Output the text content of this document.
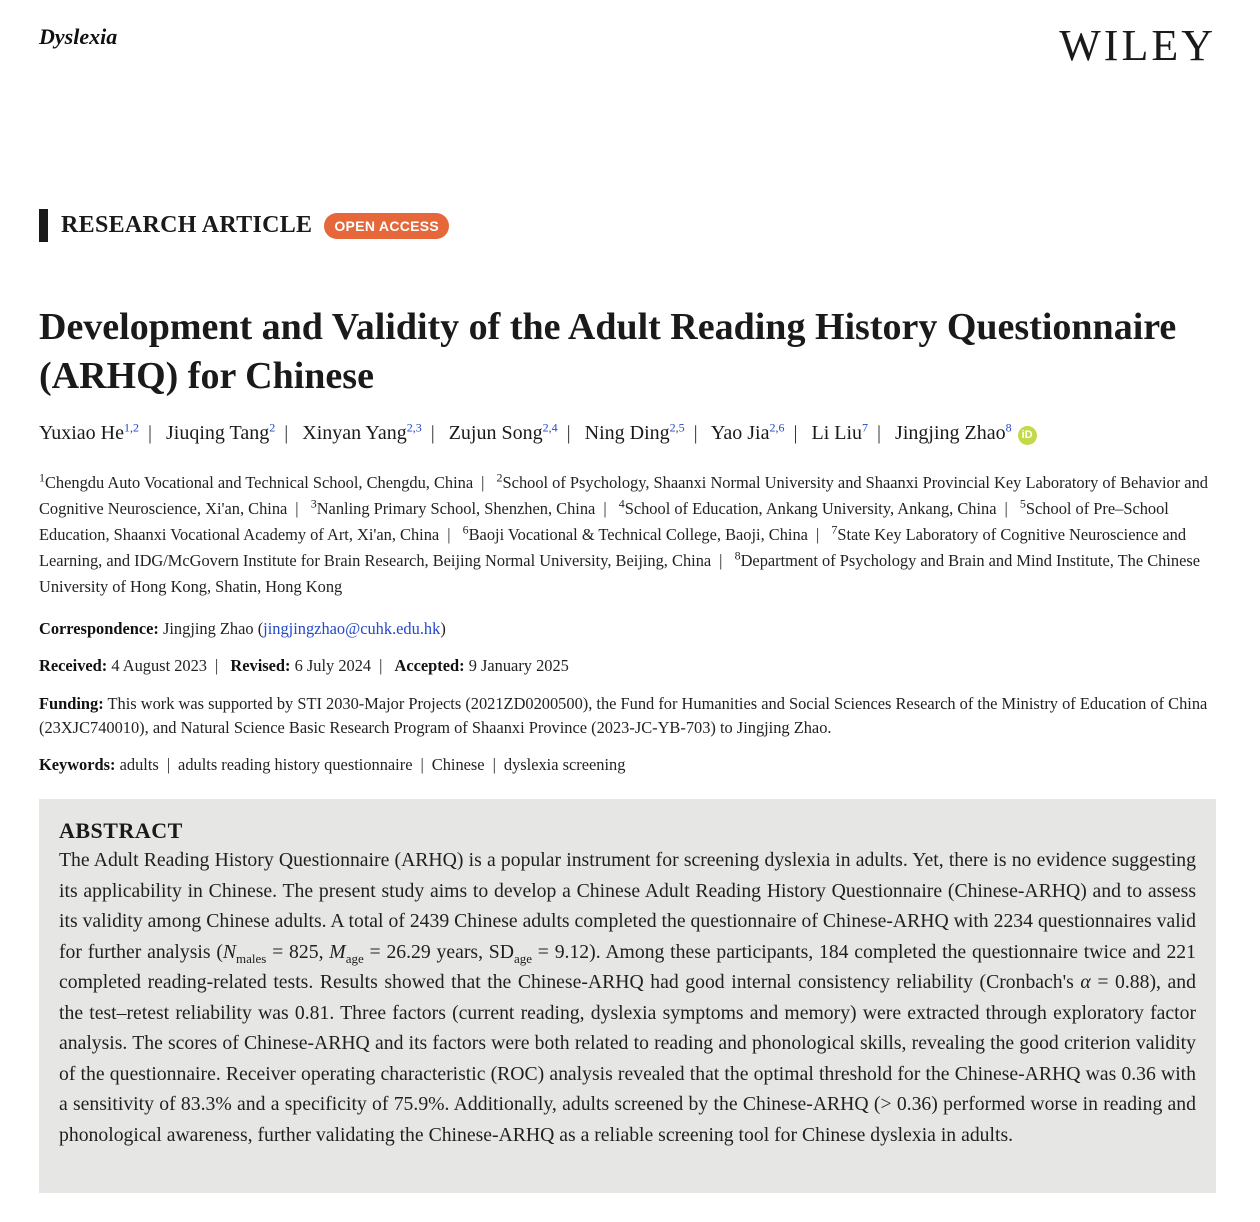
Dyslexia	WILEY
RESEARCH ARTICLE	OPEN ACCESS
Development and Validity of the Adult Reading History Questionnaire (ARHQ) for Chinese
Yuxiao He$^{1,2}$ | Jiuqing Tang$^2$ | Xinyan Yang$^{2,3}$ | Zujun Song$^{2,4}$ | Ning Ding$^{2,5}$ | Yao Jia$^{2,6}$ | Li Liu$^7$ | Jingjing Zhao$^8$iD
$^1$Chengdu Auto Vocational and Technical School, Chengdu, China | $^2$School of Psychology, Shaanxi Normal University and Shaanxi Provincial Key Laboratory of Behavior and Cognitive Neuroscience, Xi'an, China | $^3$Nanling Primary School, Shenzhen, China | $^4$School of Education, Ankang University, Ankang, China | $^5$School of Pre–School Education, Shaanxi Vocational Academy of Art, Xi'an, China | $^6$Baoji Vocational & Technical College, Baoji, China | $^7$State Key Laboratory of Cognitive Neuroscience and Learning, and IDG/McGovern Institute for Brain Research, Beijing Normal University, Beijing, China | $^8$Department of Psychology and Brain and Mind Institute, The Chinese University of Hong Kong, Shatin, Hong Kong
Correspondence: Jingjing Zhao (jingjingzhao@cuhk.edu.hk)
Received: 4 August 2023 | Revised: 6 July 2024 | Accepted: 9 January 2025
Funding: This work was supported by STI 2030-Major Projects (2021ZD0200500), the Fund for Humanities and Social Sciences Research of the Ministry of Education of China (23XJC740010), and Natural Science Basic Research Program of Shaanxi Province (2023-JC-YB-703) to Jingjing Zhao.
Keywords: adults | adults reading history questionnaire | Chinese | dyslexia screening
ABSTRACT

The Adult Reading History Questionnaire (ARHQ) is a popular instrument for screening dyslexia in adults. Yet, there is no evidence suggesting its applicability in Chinese. The present study aims to develop a Chinese Adult Reading History Questionnaire (Chinese-ARHQ) and to assess its validity among Chinese adults. A total of 2439 Chinese adults completed the questionnaire of Chinese-ARHQ with 2234 questionnaires valid for further analysis ($N_{males} = 825$, $M_{age} = 26.29$ years, $SD_{age} = 9.12$). Among these participants, 184 completed the questionnaire twice and 221 completed reading-related tests. Results showed that the Chinese-ARHQ had good internal consistency reliability (Cronbach's α = 0.88), and the test–retest reliability was 0.81. Three factors (current reading, dyslexia symptoms and memory) were extracted through exploratory factor analysis. The scores of Chinese-ARHQ and its factors were both related to reading and phonological skills, revealing the good criterion validity of the questionnaire. Receiver operating characteristic (ROC) analysis revealed that the optimal threshold for the Chinese-ARHQ was 0.36 with a sensitivity of 83.3% and a specificity of 75.9%. Additionally, adults screened by the Chinese-ARHQ (> 0.36) performed worse in reading and phonological awareness, further validating the Chinese-ARHQ as a reliable screening tool for Chinese dyslexia in adults.
